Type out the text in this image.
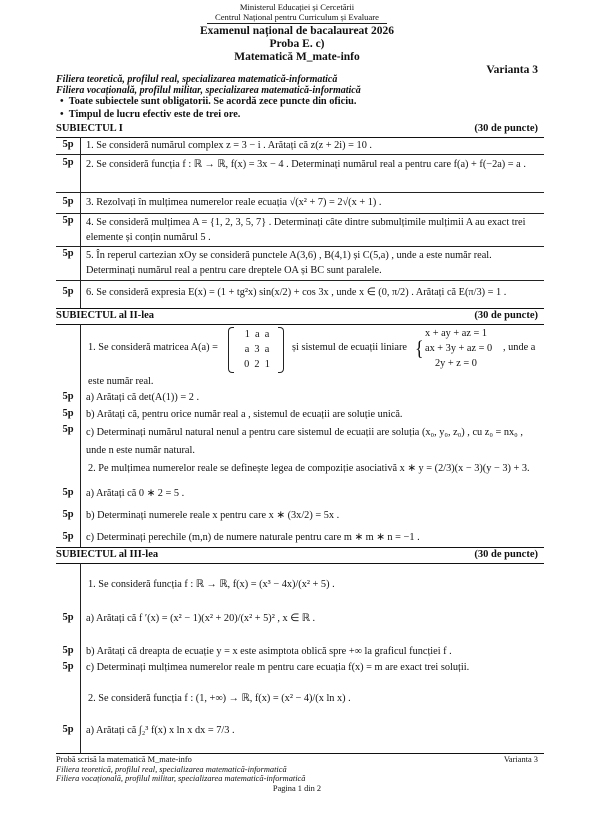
Ministerul Educației și Cercetării
Centrul Național pentru Curriculum și Evaluare
Examenul național de bacalaureat 2026
Proba E. c)
Matematică M_mate-info
Varianta 3
Filiera teoretică, profilul real, specializarea matematică-informatică
Filiera vocațională, profilul militar, specializarea matematică-informatică
• Toate subiectele sunt obligatorii. Se acordă zece puncte din oficiu.
• Timpul de lucru efectiv este de trei ore.
SUBIECTUL I	(30 de puncte)
5p	1. Se consideră numărul complex z = 3 − i . Arătați că z(z + 2i) = 10 .
5p	2. Se consideră funcția f : ℝ → ℝ, f(x) = 3x − 4 . Determinați numărul real a pentru care f(a) + f(−2a) = a .
5p	3. Rezolvați în mulțimea numerelor reale ecuația √(x² + 7) = 2√(x + 1) .
5p	4. Se consideră mulțimea A = {1, 2, 3, 5, 7} . Determinați câte dintre submulțimile mulțimii A au exact trei elemente și conțin numărul 5 .
5p	5. În reperul cartezian xOy se consideră punctele A(3,6) , B(4,1) și C(5,a) , unde a este număr real. Determinați numărul real a pentru care dreptele OA și BC sunt paralele.
5p	6. Se consideră expresia E(x) = (1 + tg²x) sin(x/2) + cos 3x , unde x ∈ (0, π/2) . Arătați că E(π/3) = 1 .
SUBIECTUL al II-lea	(30 de puncte)
1. Se consideră matricea A(a) =
1  a  a
a  3  a
0  2  1
și sistemul de ecuații liniare {
x + ay + az = 1
ax + 3y + az = 0
2y + z = 0
, unde a
este număr real.
5p	a) Arătați că det(A(1)) = 2 .
5p	b) Arătați că, pentru orice număr real a , sistemul de ecuații are soluție unică.
5p	c) Determinați numărul natural nenul a pentru care sistemul de ecuații are soluția (x₀, y₀, z₀) , cu z₀ = nx₀ , unde n este număr natural.
2. Pe mulțimea numerelor reale se definește legea de compoziție asociativă x ∗ y = (2/3)(x − 3)(y − 3) + 3.
5p	a) Arătați că 0 ∗ 2 = 5 .
5p	b) Determinați numerele reale x pentru care x ∗ (3x/2) = 5x .
5p	c) Determinați perechile (m,n) de numere naturale pentru care m ∗ m ∗ n = −1 .
SUBIECTUL al III-lea	(30 de puncte)
1. Se consideră funcția f : ℝ → ℝ, f(x) = (x³ − 4x)/(x² + 5) .
5p	a) Arătați că f ′(x) = (x² − 1)(x² + 20)/(x² + 5)² , x ∈ ℝ .
5p	b) Arătați că dreapta de ecuație y = x este asimptota oblică spre +∞ la graficul funcției f .
5p	c) Determinați mulțimea numerelor reale m pentru care ecuația f(x) = m are exact trei soluții.
2. Se consideră funcția f : (1, +∞) → ℝ, f(x) = (x² − 4)/(x ln x) .
5p	a) Arătați că ∫₂³ f(x) x ln x dx = 7/3 .
Probă scrisă la matematică M_mate-info	Varianta 3
Filiera teoretică, profilul real, specializarea matematică-informatică
Filiera vocațională, profilul militar, specializarea matematică-informatică
Pagina 1 din 2
